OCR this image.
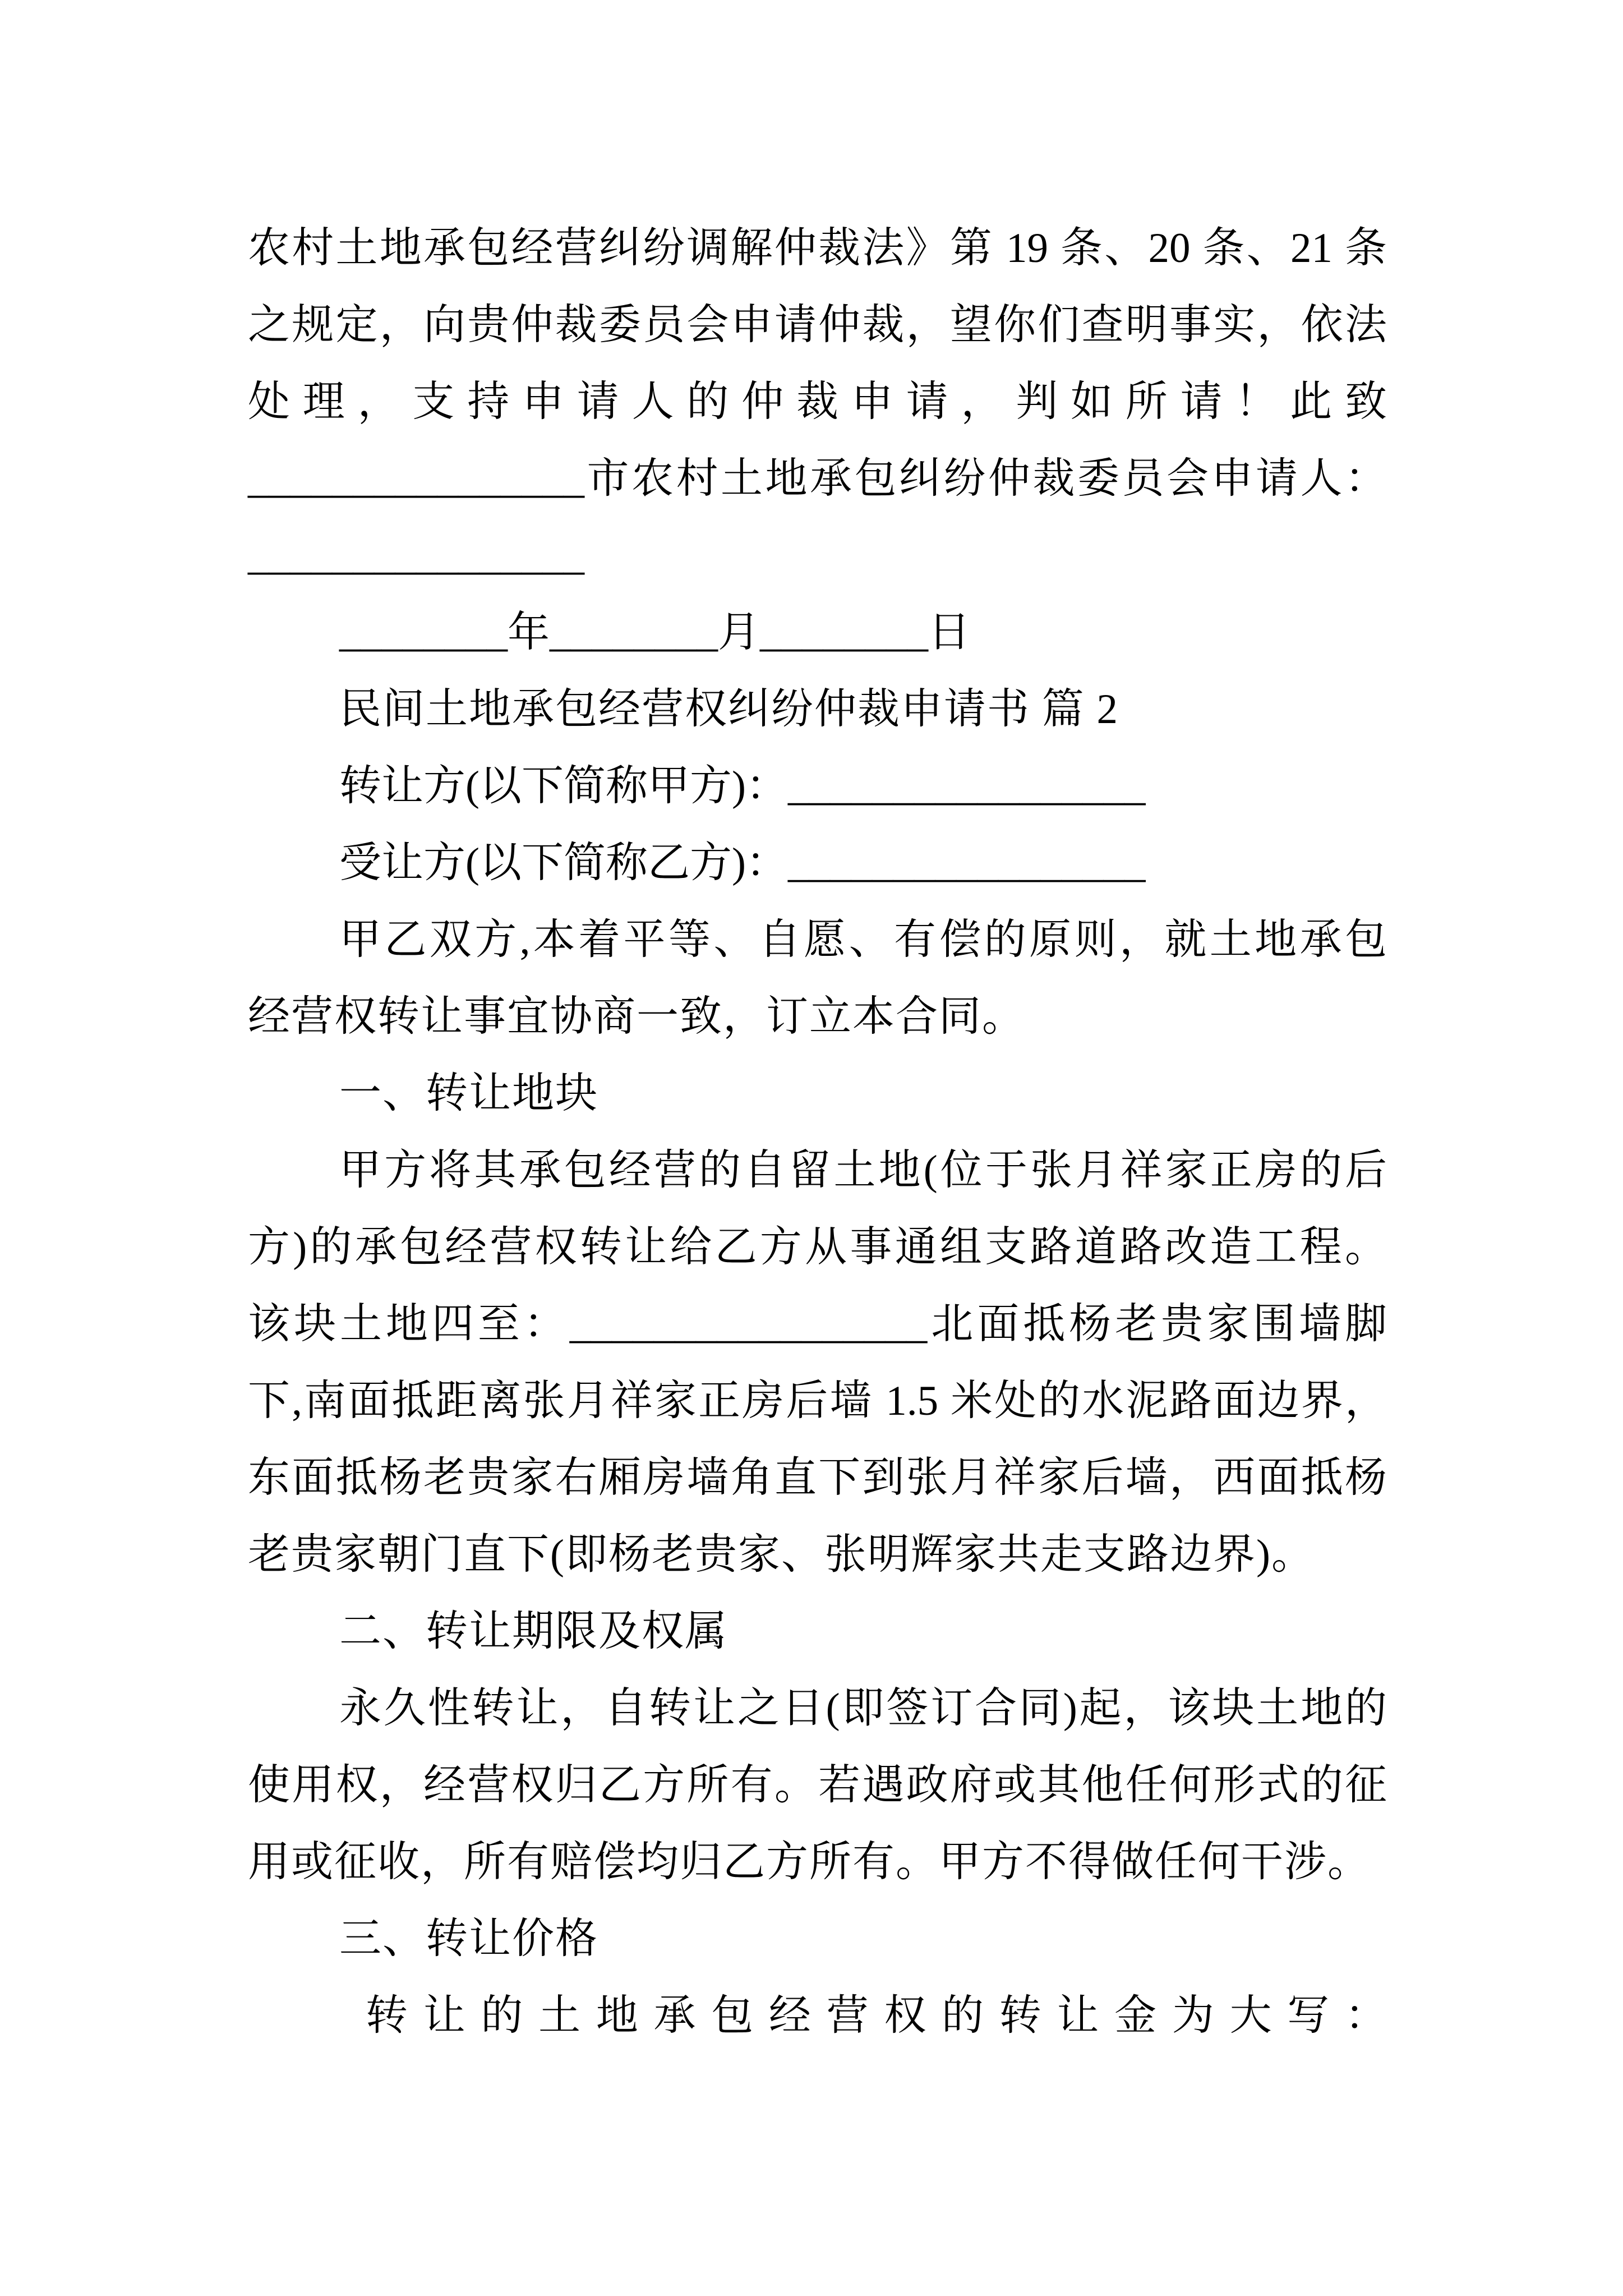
农村土地承包经营纠纷调解仲裁法》第 19 条、20 条、21 条
之规定，向贵仲裁委员会申请仲裁，望你们查明事实，依法
处理，支持申请人的仲裁申请，判如所请！此致
________________市农村土地承包纠纷仲裁委员会申请人：
________________
________年________月________日
民间土地承包经营权纠纷仲裁申请书 篇 2
转让方(以下简称甲方)：_________________
受让方(以下简称乙方)：_________________
甲乙双方,本着平等、自愿、有偿的原则，就土地承包
经营权转让事宜协商一致，订立本合同。
一、转让地块
甲方将其承包经营的自留土地(位于张月祥家正房的后
方)的承包经营权转让给乙方从事通组支路道路改造工程。
该块土地四至：_________________北面抵杨老贵家围墙脚
下,南面抵距离张月祥家正房后墙 1.5 米处的水泥路面边界，
东面抵杨老贵家右厢房墙角直下到张月祥家后墙，西面抵杨
老贵家朝门直下(即杨老贵家、张明辉家共走支路边界)。
二、转让期限及权属
永久性转让，自转让之日(即签订合同)起，该块土地的
使用权，经营权归乙方所有。若遇政府或其他任何形式的征
用或征收，所有赔偿均归乙方所有。甲方不得做任何干涉。
三、转让价格
转让的土地承包经营权的转让金为大写：
